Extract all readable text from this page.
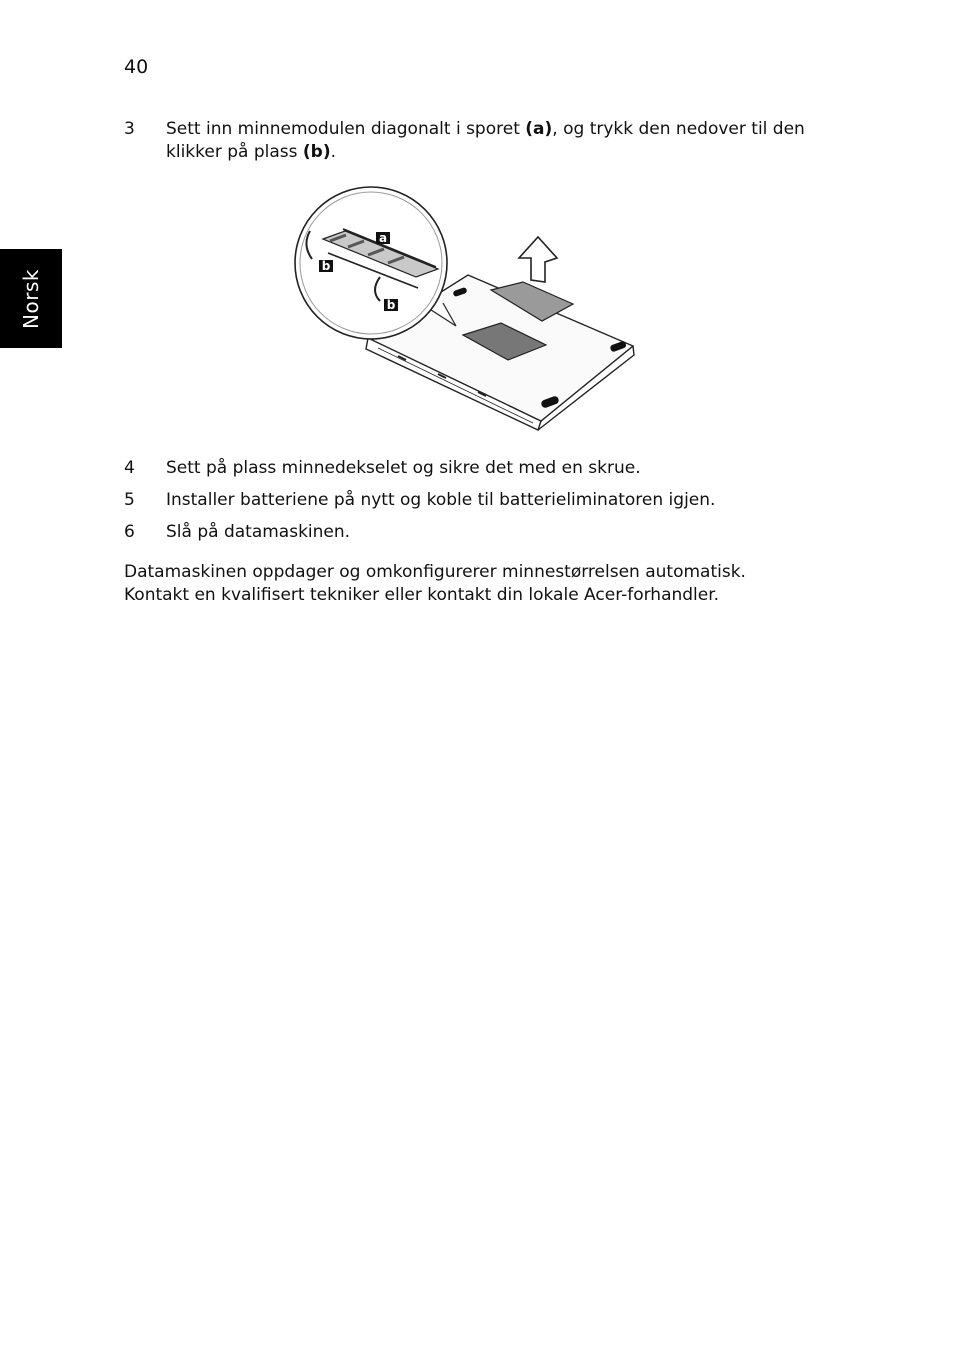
40
Norsk
3 Sett inn minnemodulen diagonalt i sporet (a), og trykk den nedover til den klikker på plass (b).
a
b
b
4 Sett på plass minnedekselet og sikre det med en skrue.
5 Installer batteriene på nytt og koble til batterieliminatoren igjen.
6 Slå på datamaskinen.
Datamaskinen oppdager og omkonfigurerer minnestørrelsen automatisk.
Kontakt en kvalifisert tekniker eller kontakt din lokale Acer-forhandler.
